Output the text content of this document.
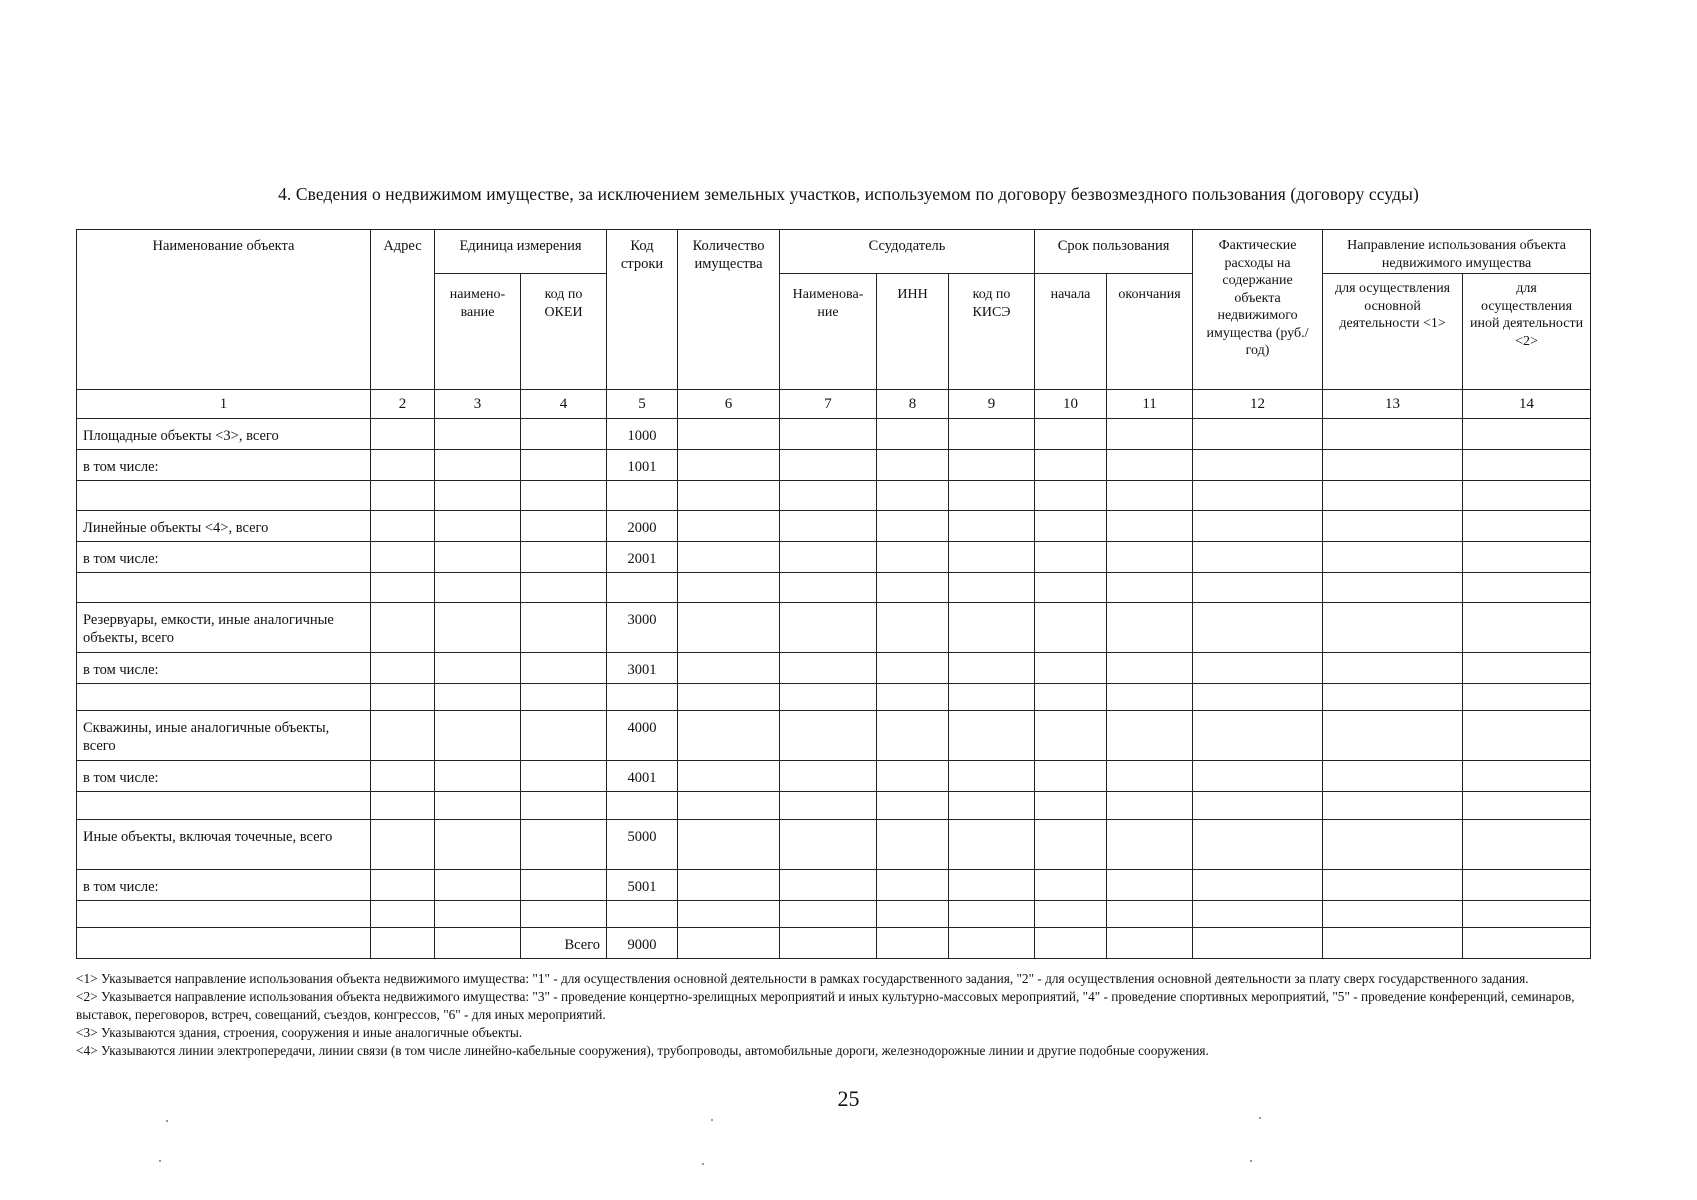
4. Сведения о недвижимом имуществе, за исключением земельных участков, используемом по договору безвозмездного пользования (договору ссуды)
Наименование объекта	Адрес	Единица измерения		Код строки	Количество имущества	Ссудодатель			Срок пользования		Фактические расходы на содержание объекта недвижимого имущества (руб./год)	Направление использования объекта недвижимого имущества	
		наимено- вание	код по ОКЕИ			Наименова- ние	ИНН	код по КИСЭ	начала	окончания		для осуществления основной деятельности <1>	для осуществления иной деятельности <2>
1	2	3	4	5	6	7	8	9	10	11	12	13	14
Площадные объекты <3>, всего				1000									
в том числе:				1001									

Линейные объекты <4>, всего				2000									
в том числе:				2001									

Резервуары, емкости, иные аналогичные объекты, всего				3000									
в том числе:				3001									

Скважины, иные аналогичные объекты, всего				4000									
в том числе:				4001									

Иные объекты, включая точечные, всего				5000									
в том числе:				5001									

			Всего	9000									
<1> Указывается направление использования объекта недвижимого имущества: "1" - для осуществления основной деятельности в рамках государственного задания, "2" - для осуществления основной деятельности за плату сверх государственного задания.
<2> Указывается направление использования объекта недвижимого имущества: "3" - проведение концертно-зрелищных мероприятий и иных культурно-массовых мероприятий, "4" - проведение спортивных мероприятий, "5" - проведение конференций, семинаров, выставок, переговоров, встреч, совещаний, съездов, конгрессов, "6" - для иных мероприятий.
<3> Указываются здания, строения, сооружения и иные аналогичные объекты.
<4> Указываются линии электропередачи, линии связи (в том числе линейно-кабельные сооружения), трубопроводы, автомобильные дороги, железнодорожные линии и другие подобные сооружения.
25
